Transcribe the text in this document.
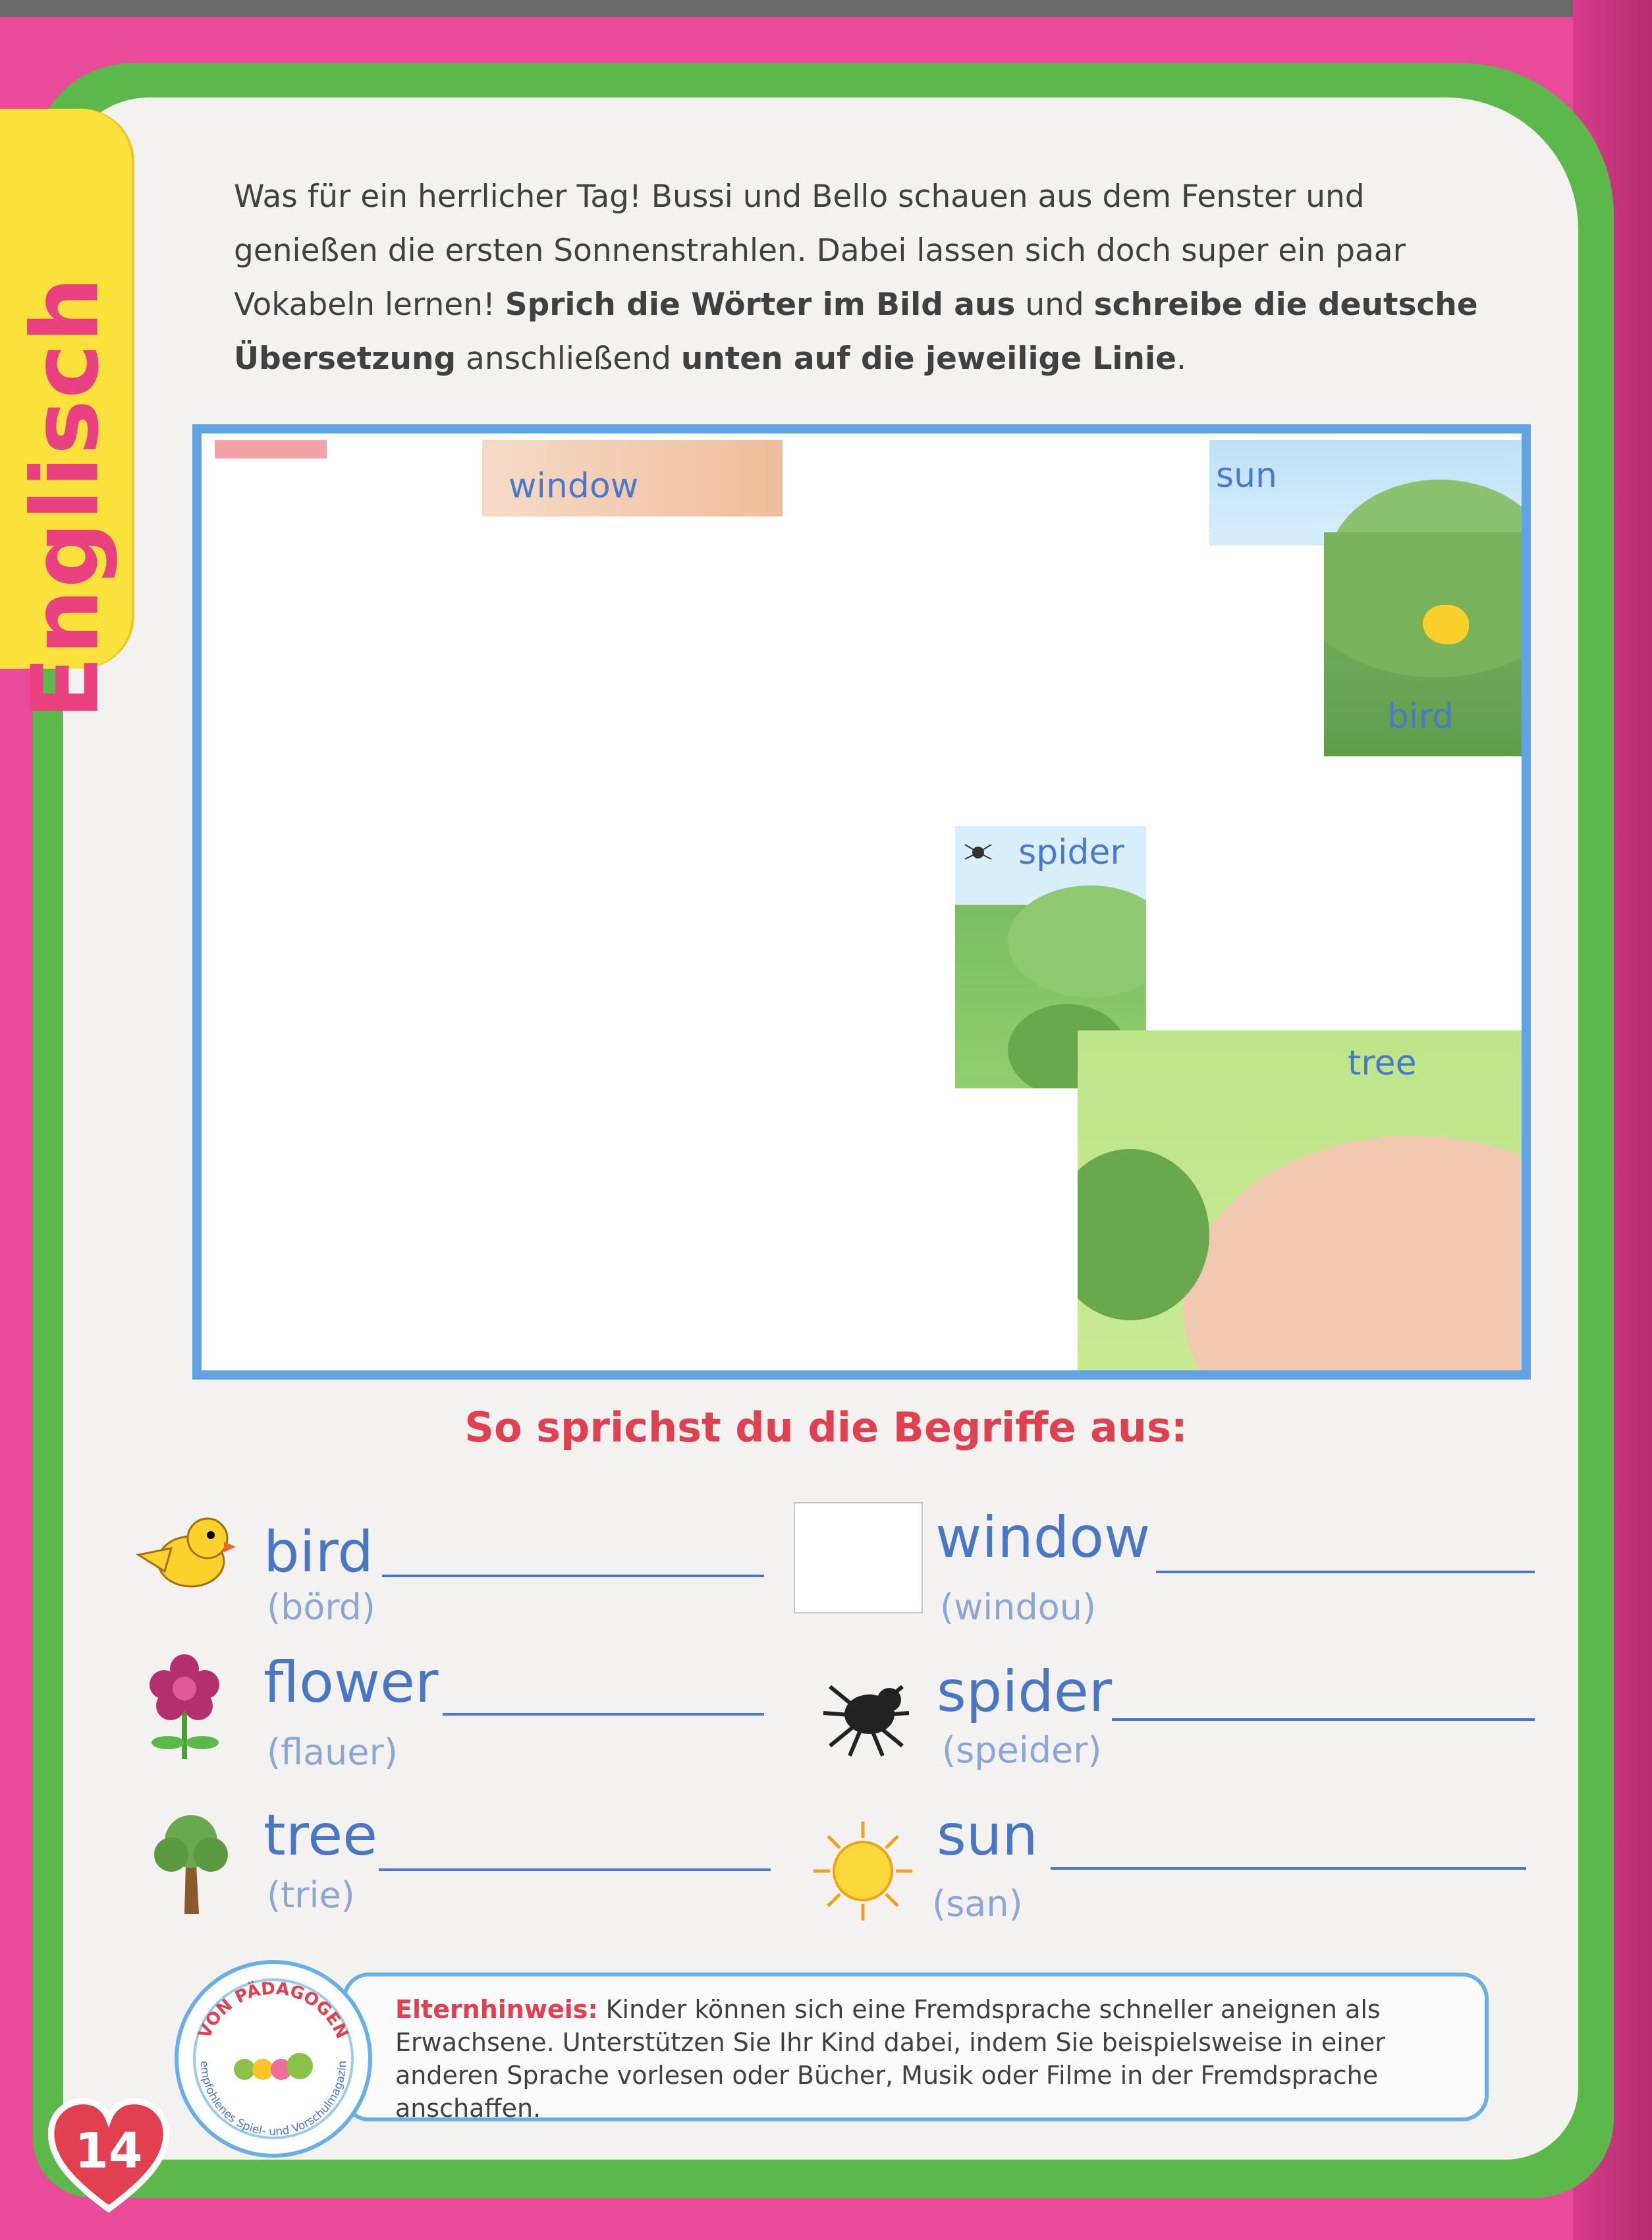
Englisch
Was für ein herrlicher Tag! Bussi und Bello schauen aus dem Fenster und genießen die ersten Sonnenstrahlen. Dabei lassen sich doch super ein paar Vokabeln lernen! Sprich die Wörter im Bild aus und schreibe die deutsche Übersetzung anschließend unten auf die jeweilige Linie.
window	sun
bird
spider
tree
So sprichst du die Begriffe aus:
bird
(börd)
window
(windou)
flower
(flauer)
spider
(speider)
tree
(trie)
sun
(san)
VON PÄDAGOGEN
empfohlenes Spiel- und Vorschulmagazin
Elternhinweis: Kinder können sich eine Fremdsprache schneller aneignen als Erwachsene. Unterstützen Sie Ihr Kind dabei, indem Sie beispielsweise in einer anderen Sprache vorlesen oder Bücher, Musik oder Filme in der Fremdsprache anschaffen.
14
